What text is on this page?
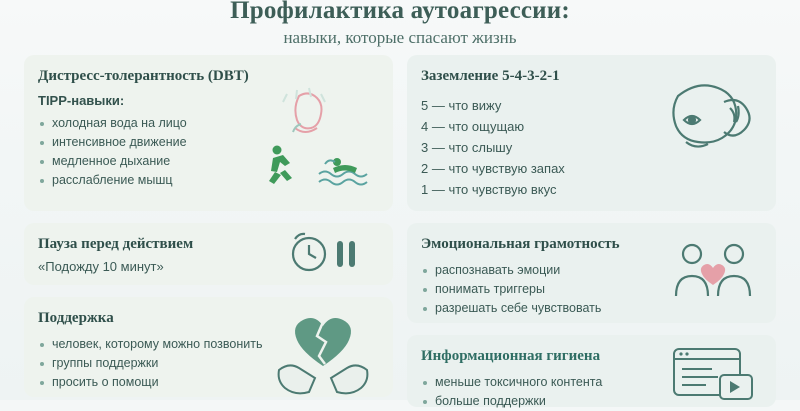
Профилактика аутоагрессии:
навыки, которые спасают жизнь
Дистресс-толерантность (DBT)

TIPP-навыки:

холодная вода на лицо
интенсивное движение
медленное дыхание
расслабление мышц
Пауза перед действием

«Подожду 10 минут»

Поддержка
человек, которому можно позвонить
группы поддержки
просить о помощи
Заземление 5-4-3-2-1
5 — что вижу
4 — что ощущаю
3 — что слышу
2 — что чувствую запах
1 — что чувствую вкус
Эмоциональная грамотность
распознавать эмоции
понимать триггеры
разрешать себе чувствовать
Информационная гигиена
меньше токсичного контента
больше поддержки
